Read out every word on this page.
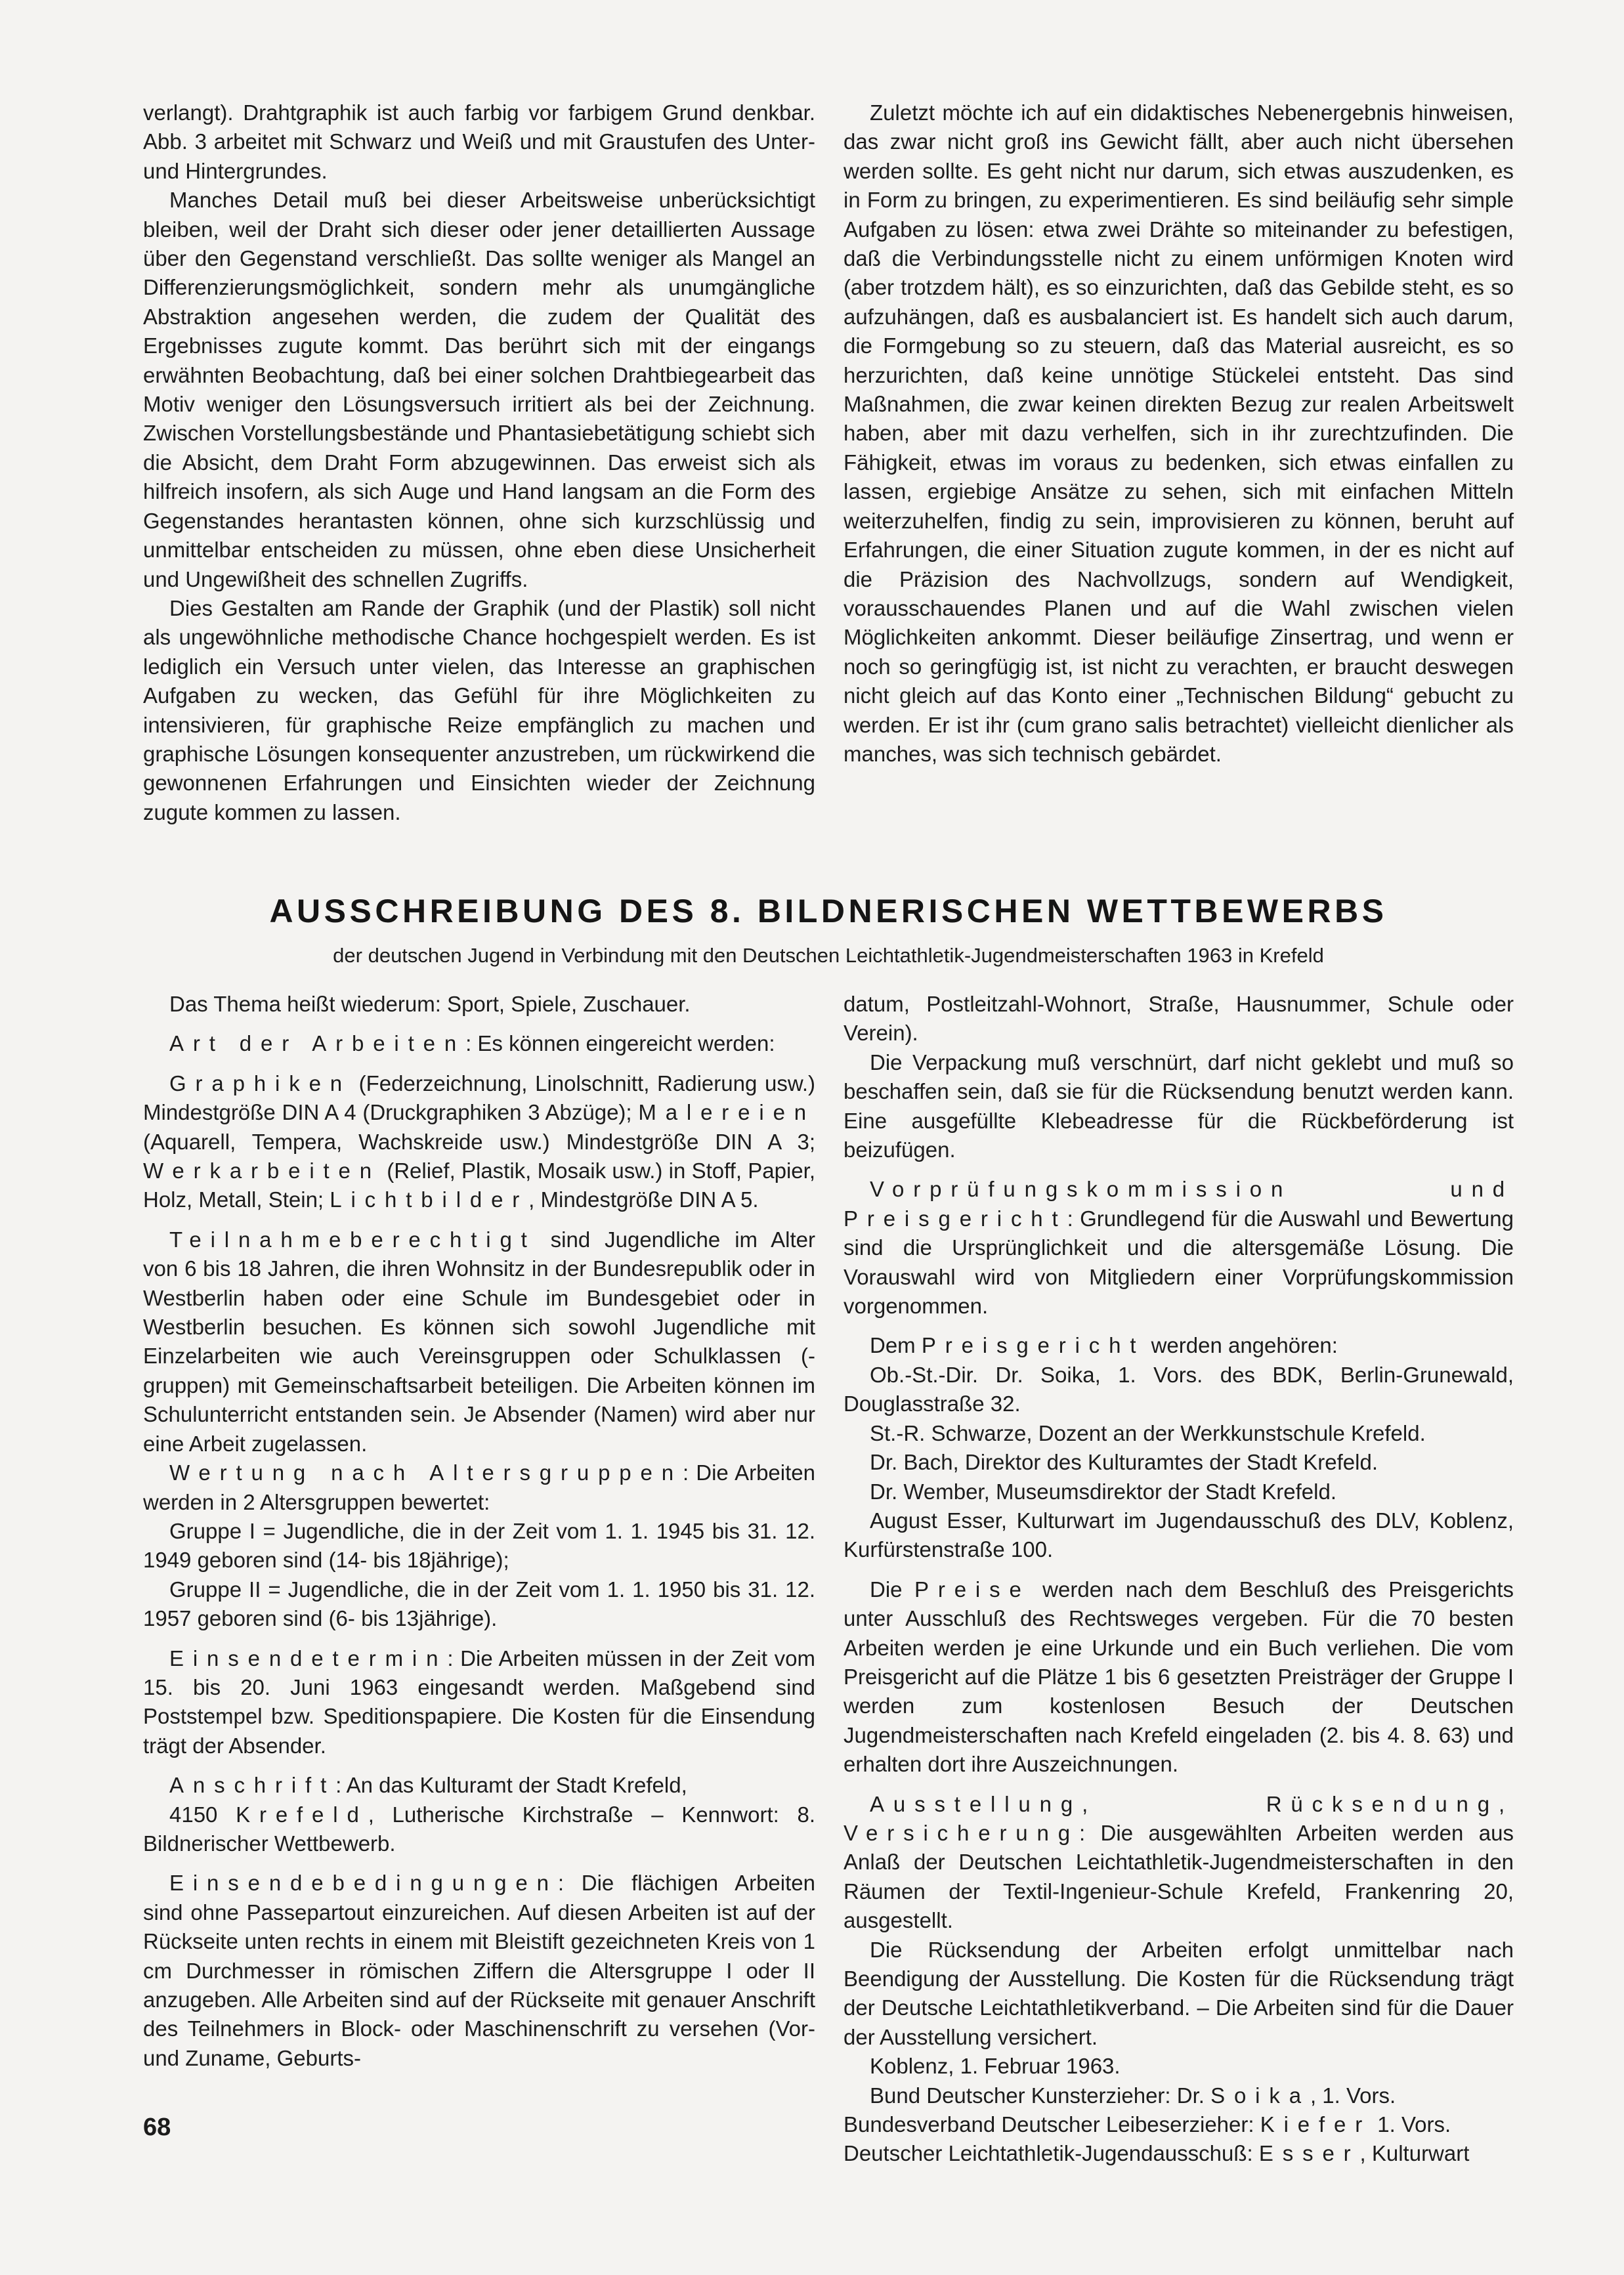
verlangt). Drahtgraphik ist auch farbig vor farbigem Grund denkbar. Abb. 3 arbeitet mit Schwarz und Weiß und mit Graustufen des Unter- und Hintergrundes.

Manches Detail muß bei dieser Arbeitsweise unberücksichtigt bleiben, weil der Draht sich dieser oder jener detaillierten Aussage über den Gegenstand verschließt. Das sollte weniger als Mangel an Differenzierungsmöglichkeit, sondern mehr als unumgängliche Abstraktion angesehen werden, die zudem der Qualität des Ergebnisses zugute kommt. Das berührt sich mit der eingangs erwähnten Beobachtung, daß bei einer solchen Drahtbiegearbeit das Motiv weniger den Lösungsversuch irritiert als bei der Zeichnung. Zwischen Vorstellungsbestände und Phantasiebetätigung schiebt sich die Absicht, dem Draht Form abzugewinnen. Das erweist sich als hilfreich insofern, als sich Auge und Hand langsam an die Form des Gegenstandes herantasten können, ohne sich kurzschlüssig und unmittelbar entscheiden zu müssen, ohne eben diese Unsicherheit und Ungewißheit des schnellen Zugriffs.

Dies Gestalten am Rande der Graphik (und der Plastik) soll nicht als ungewöhnliche methodische Chance hochgespielt werden. Es ist lediglich ein Versuch unter vielen, das Interesse an graphischen Aufgaben zu wecken, das Gefühl für ihre Möglichkeiten zu intensivieren, für graphische Reize empfänglich zu machen und graphische Lösungen konsequenter anzustreben, um rückwirkend die gewonnenen Erfahrungen und Einsichten wieder der Zeichnung zugute kommen zu lassen.

Zuletzt möchte ich auf ein didaktisches Nebenergebnis hinweisen, das zwar nicht groß ins Gewicht fällt, aber auch nicht übersehen werden sollte. Es geht nicht nur darum, sich etwas auszudenken, es in Form zu bringen, zu experimentieren. Es sind beiläufig sehr simple Aufgaben zu lösen: etwa zwei Drähte so miteinander zu befestigen, daß die Verbindungsstelle nicht zu einem unförmigen Knoten wird (aber trotzdem hält), es so einzurichten, daß das Gebilde steht, es so aufzuhängen, daß es ausbalanciert ist. Es handelt sich auch darum, die Formgebung so zu steuern, daß das Material ausreicht, es so herzurichten, daß keine unnötige Stückelei entsteht. Das sind Maßnahmen, die zwar keinen direkten Bezug zur realen Arbeitswelt haben, aber mit dazu verhelfen, sich in ihr zurechtzufinden. Die Fähigkeit, etwas im voraus zu bedenken, sich etwas einfallen zu lassen, ergiebige Ansätze zu sehen, sich mit einfachen Mitteln weiterzuhelfen, findig zu sein, improvisieren zu können, beruht auf Erfahrungen, die einer Situation zugute kommen, in der es nicht auf die Präzision des Nachvollzugs, sondern auf Wendigkeit, vorausschauendes Planen und auf die Wahl zwischen vielen Möglichkeiten ankommt. Dieser beiläufige Zinsertrag, und wenn er noch so geringfügig ist, ist nicht zu verachten, er braucht deswegen nicht gleich auf das Konto einer „Technischen Bildung“ gebucht zu werden. Er ist ihr (cum grano salis betrachtet) vielleicht dienlicher als manches, was sich technisch gebärdet.

AUSSCHREIBUNG DES 8. BILDNERISCHEN WETTBEWERBS
der deutschen Jugend in Verbindung mit den Deutschen Leichtathletik-Jugendmeisterschaften 1963 in Krefeld

Das Thema heißt wiederum: Sport, Spiele, Zuschauer.

Art der Arbeiten: Es können eingereicht werden:

Graphiken (Federzeichnung, Linolschnitt, Radierung usw.) Mindestgröße DIN A 4 (Druckgraphiken 3 Abzüge); Malereien (Aquarell, Tempera, Wachskreide usw.) Mindestgröße DIN A 3; Werkarbeiten (Relief, Plastik, Mosaik usw.) in Stoff, Papier, Holz, Metall, Stein; Lichtbilder, Mindestgröße DIN A 5.

Teilnahmeberechtigt sind Jugendliche im Alter von 6 bis 18 Jahren, die ihren Wohnsitz in der Bundesrepublik oder in Westberlin haben oder eine Schule im Bundesgebiet oder in Westberlin besuchen. Es können sich sowohl Jugendliche mit Einzelarbeiten wie auch Vereinsgruppen oder Schulklassen (-gruppen) mit Gemeinschaftsarbeit beteiligen. Die Arbeiten können im Schulunterricht entstanden sein. Je Absender (Namen) wird aber nur eine Arbeit zugelassen.

Wertung nach Altersgruppen: Die Arbeiten werden in 2 Altersgruppen bewertet:

Gruppe I = Jugendliche, die in der Zeit vom 1. 1. 1945 bis 31. 12. 1949 geboren sind (14- bis 18jährige);

Gruppe II = Jugendliche, die in der Zeit vom 1. 1. 1950 bis 31. 12. 1957 geboren sind (6- bis 13jährige).

Einsendetermin: Die Arbeiten müssen in der Zeit vom 15. bis 20. Juni 1963 eingesandt werden. Maßgebend sind Poststempel bzw. Speditionspapiere. Die Kosten für die Einsendung trägt der Absender.

Anschrift: An das Kulturamt der Stadt Krefeld,

4150 Krefeld, Lutherische Kirchstraße – Kennwort: 8. Bildnerischer Wettbewerb.

Einsendebedingungen: Die flächigen Arbeiten sind ohne Passepartout einzureichen. Auf diesen Arbeiten ist auf der Rückseite unten rechts in einem mit Bleistift gezeichneten Kreis von 1 cm Durchmesser in römischen Ziffern die Altersgruppe I oder II anzugeben. Alle Arbeiten sind auf der Rückseite mit genauer Anschrift des Teilnehmers in Block- oder Maschinenschrift zu versehen (Vor- und Zuname, Geburts-

datum, Postleitzahl-Wohnort, Straße, Hausnummer, Schule oder Verein).

Die Verpackung muß verschnürt, darf nicht geklebt und muß so beschaffen sein, daß sie für die Rücksendung benutzt werden kann. Eine ausgefüllte Klebeadresse für die Rückbeförderung ist beizufügen.

Vorprüfungskommission und Preisgericht: Grundlegend für die Auswahl und Bewertung sind die Ursprünglichkeit und die altersgemäße Lösung. Die Vorauswahl wird von Mitgliedern einer Vorprüfungskommission vorgenommen.

Dem Preisgericht werden angehören:

Ob.-St.-Dir. Dr. Soika, 1. Vors. des BDK, Berlin-Grunewald, Douglasstraße 32.

St.-R. Schwarze, Dozent an der Werkkunstschule Krefeld.

Dr. Bach, Direktor des Kulturamtes der Stadt Krefeld.

Dr. Wember, Museumsdirektor der Stadt Krefeld.

August Esser, Kulturwart im Jugendausschuß des DLV, Koblenz, Kurfürstenstraße 100.

Die Preise werden nach dem Beschluß des Preisgerichts unter Ausschluß des Rechtsweges vergeben. Für die 70 besten Arbeiten werden je eine Urkunde und ein Buch verliehen. Die vom Preisgericht auf die Plätze 1 bis 6 gesetzten Preisträger der Gruppe I werden zum kostenlosen Besuch der Deutschen Jugendmeisterschaften nach Krefeld eingeladen (2. bis 4. 8. 63) und erhalten dort ihre Auszeichnungen.

Ausstellung, Rücksendung, Versicherung: Die ausgewählten Arbeiten werden aus Anlaß der Deutschen Leichtathletik-Jugendmeisterschaften in den Räumen der Textil-Ingenieur-Schule Krefeld, Frankenring 20, ausgestellt.

Die Rücksendung der Arbeiten erfolgt unmittelbar nach Beendigung der Ausstellung. Die Kosten für die Rücksendung trägt der Deutsche Leichtathletikverband. – Die Arbeiten sind für die Dauer der Ausstellung versichert.

Koblenz, 1. Februar 1963.

Bund Deutscher Kunsterzieher: Dr. Soika, 1. Vors.

Bundesverband Deutscher Leibeserzieher: Kiefer 1. Vors.

Deutscher Leichtathletik-Jugendausschuß: Esser, Kulturwart

68
